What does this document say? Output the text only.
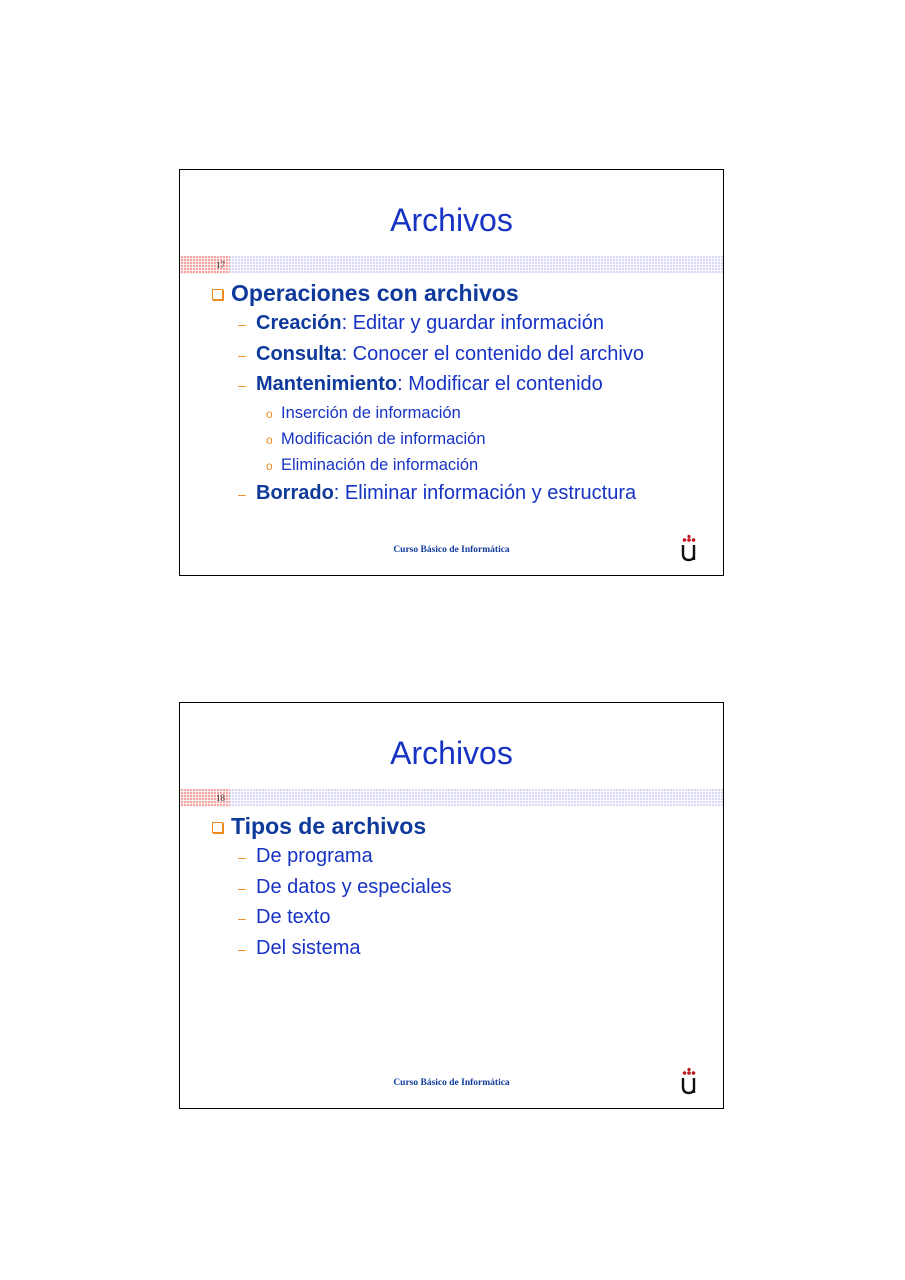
Archivos
17
Operaciones con archivos
– Creación: Editar y guardar información
– Consulta: Conocer el contenido del archivo
– Mantenimiento: Modificar el contenido
o Inserción de información
o Modificación de información
o Eliminación de información
– Borrado: Eliminar información y estructura
Curso Básico de Informática
Archivos
18
Tipos de archivos
– De programa
– De datos y especiales
– De texto
– Del sistema
Curso Básico de Informática
